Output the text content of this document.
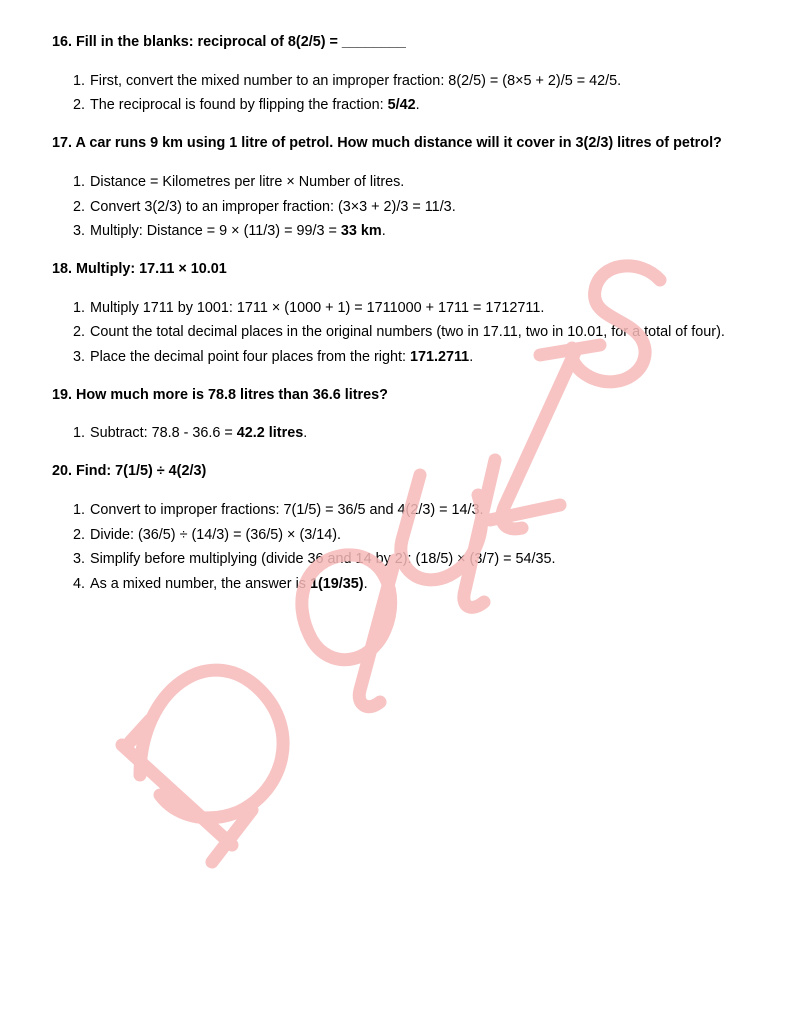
16. Fill in the blanks: reciprocal of 8(2/5) = ________

1. First, convert the mixed number to an improper fraction: 8(2/5) = (8×5 + 2)/5 = 42/5.
2. The reciprocal is found by flipping the fraction: 5/42.

17. A car runs 9 km using 1 litre of petrol. How much distance will it cover in 3(2/3) litres of petrol?

1. Distance = Kilometres per litre × Number of litres.
2. Convert 3(2/3) to an improper fraction: (3×3 + 2)/3 = 11/3.
3. Multiply: Distance = 9 × (11/3) = 99/3 = 33 km.

18. Multiply: 17.11 × 10.01

1. Multiply 1711 by 1001: 1711 × (1000 + 1) = 1711000 + 1711 = 1712711.
2. Count the total decimal places in the original numbers (two in 17.11, two in 10.01, for a total of four).
3. Place the decimal point four places from the right: 171.2711.

19. How much more is 78.8 litres than 36.6 litres?

1. Subtract: 78.8 - 36.6 = 42.2 litres.

20. Find: 7(1/5) ÷ 4(2/3)

1. Convert to improper fractions: 7(1/5) = 36/5 and 4(2/3) = 14/3.
2. Divide: (36/5) ÷ (14/3) = (36/5) × (3/14).
3. Simplify before multiplying (divide 36 and 14 by 2): (18/5) × (3/7) = 54/35.
4. As a mixed number, the answer is 1(19/35).
pauls
